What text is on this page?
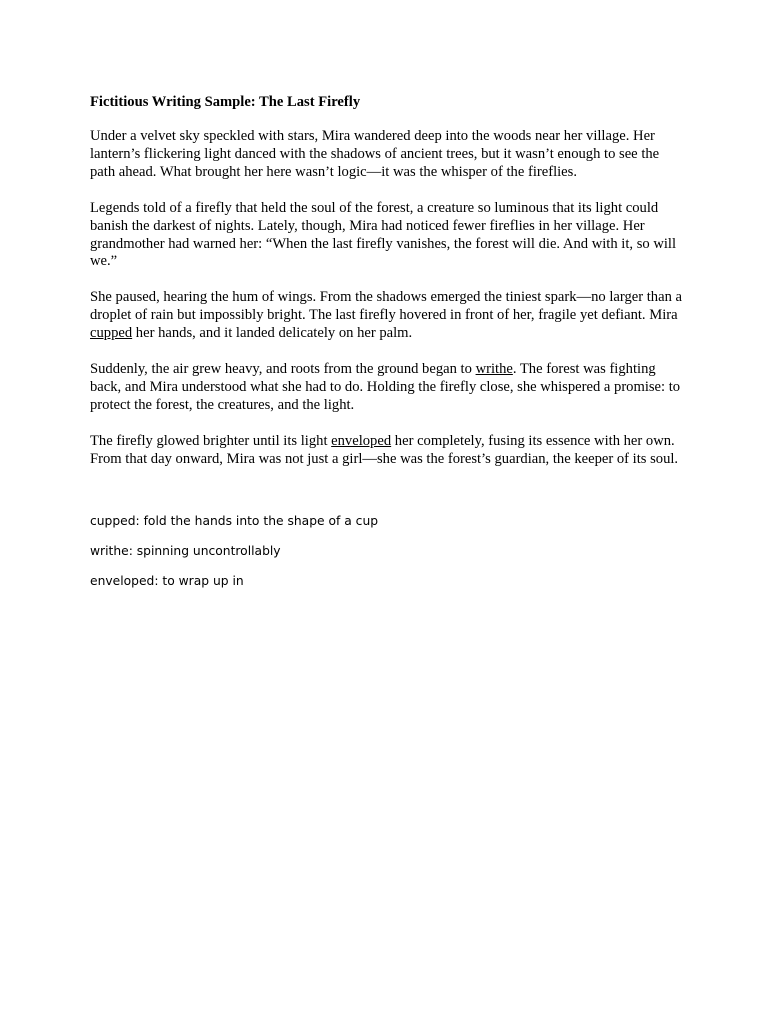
Fictitious Writing Sample: The Last Firefly

Under a velvet sky speckled with stars, Mira wandered deep into the woods near her village. Her lantern’s flickering light danced with the shadows of ancient trees, but it wasn’t enough to see the path ahead. What brought her here wasn’t logic—it was the whisper of the fireflies.

Legends told of a firefly that held the soul of the forest, a creature so luminous that its light could banish the darkest of nights. Lately, though, Mira had noticed fewer fireflies in her village. Her grandmother had warned her: “When the last firefly vanishes, the forest will die. And with it, so will we.”

She paused, hearing the hum of wings. From the shadows emerged the tiniest spark—no larger than a droplet of rain but impossibly bright. The last firefly hovered in front of her, fragile yet defiant. Mira cupped her hands, and it landed delicately on her palm.

Suddenly, the air grew heavy, and roots from the ground began to writhe. The forest was fighting back, and Mira understood what she had to do. Holding the firefly close, she whispered a promise: to protect the forest, the creatures, and the light.

The firefly glowed brighter until its light enveloped her completely, fusing its essence with her own. From that day onward, Mira was not just a girl—she was the forest’s guardian, the keeper of its soul.

cupped: fold the hands into the shape of a cup

writhe: spinning uncontrollably

enveloped: to wrap up in
